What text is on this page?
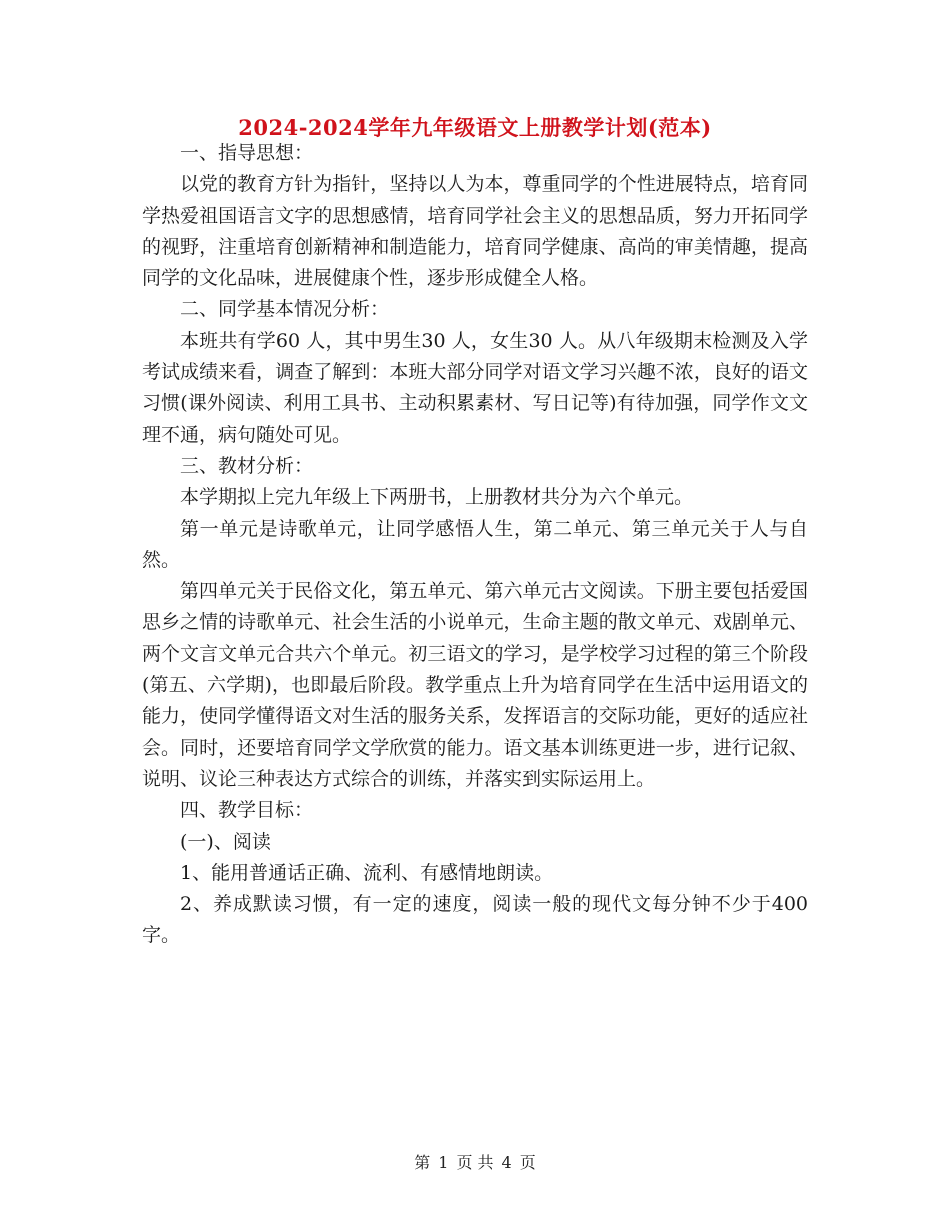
2024-2024学年九年级语文上册教学计划(范本)

一、指导思想：

以党的教育方针为指针，坚持以人为本，尊重同学的个性进展特点，培育同学热爱祖国语言文字的思想感情，培育同学社会主义的思想品质，努力开拓同学的视野，注重培育创新精神和制造能力，培育同学健康、高尚的审美情趣，提高同学的文化品味，进展健康个性，逐步形成健全人格。

二、同学基本情况分析：

本班共有学60 人，其中男生30 人，女生30 人。从八年级期末检测及入学考试成绩来看，调查了解到：本班大部分同学对语文学习兴趣不浓，良好的语文习惯(课外阅读、利用工具书、主动积累素材、写日记等)有待加强，同学作文文理不通，病句随处可见。

三、教材分析：

本学期拟上完九年级上下两册书，上册教材共分为六个单元。

第一单元是诗歌单元，让同学感悟人生，第二单元、第三单元关于人与自然。

第四单元关于民俗文化，第五单元、第六单元古文阅读。下册主要包括爱国思乡之情的诗歌单元、社会生活的小说单元，生命主题的散文单元、戏剧单元、两个文言文单元合共六个单元。初三语文的学习，是学校学习过程的第三个阶段(第五、六学期)，也即最后阶段。教学重点上升为培育同学在生活中运用语文的能力，使同学懂得语文对生活的服务关系，发挥语言的交际功能，更好的适应社会。同时，还要培育同学文学欣赏的能力。语文基本训练更进一步，进行记叙、说明、议论三种表达方式综合的训练，并落实到实际运用上。

四、教学目标：

(一)、阅读

1、能用普通话正确、流利、有感情地朗读。

2、养成默读习惯，有一定的速度，阅读一般的现代文每分钟不少于400字。

第 1 页 共 4 页
